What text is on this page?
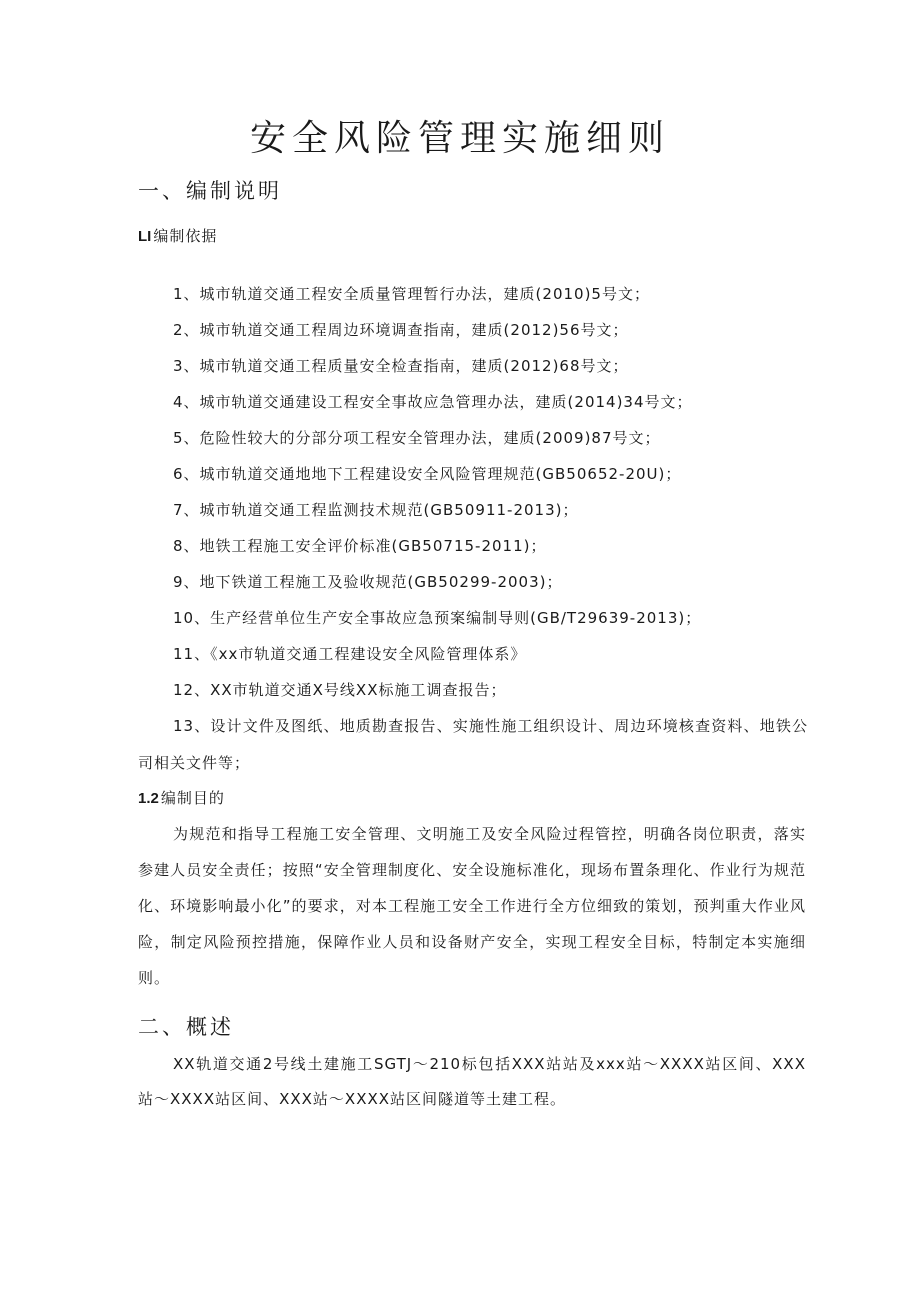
安全风险管理实施细则
一、编制说明
LI 编制依据
1、城市轨道交通工程安全质量管理暂行办法，建质(2010)5号文；
2、城市轨道交通工程周边环境调查指南，建质(2012)56号文；
3、城市轨道交通工程质量安全检查指南，建质(2012)68号文；
4、城市轨道交通建设工程安全事故应急管理办法，建质(2014)34号文；
5、危险性较大的分部分项工程安全管理办法，建质(2009)87号文；
6、城市轨道交通地地下工程建设安全风险管理规范(GB50652-20U)；
7、城市轨道交通工程监测技术规范(GB50911-2013)；
8、地铁工程施工安全评价标准(GB50715-2011)；
9、地下铁道工程施工及验收规范(GB50299-2003)；
10、生产经营单位生产安全事故应急预案编制导则(GB/T29639-2013)；
11、《xx市轨道交通工程建设安全风险管理体系》
12、XX市轨道交通X号线XX标施工调查报告；
13、设计文件及图纸、地质勘查报告、实施性施工组织设计、周边环境核查资料、地铁公司相关文件等；
1.2 编制目的

为规范和指导工程施工安全管理、文明施工及安全风险过程管控，明确各岗位职责，落实参建人员安全责任；按照“安全管理制度化、安全设施标准化，现场布置条理化、作业行为规范化、环境影响最小化”的要求，对本工程施工安全工作进行全方位细致的策划，预判重大作业风险，制定风险预控措施，保障作业人员和设备财产安全，实现工程安全目标，特制定本实施细则。

二、概述

XX轨道交通2号线土建施工SGTJ〜210标包括XXX站站及xxx站〜XXXX站区间、XXX站〜XXXX站区间、XXX站〜XXXX站区间隧道等土建工程。
